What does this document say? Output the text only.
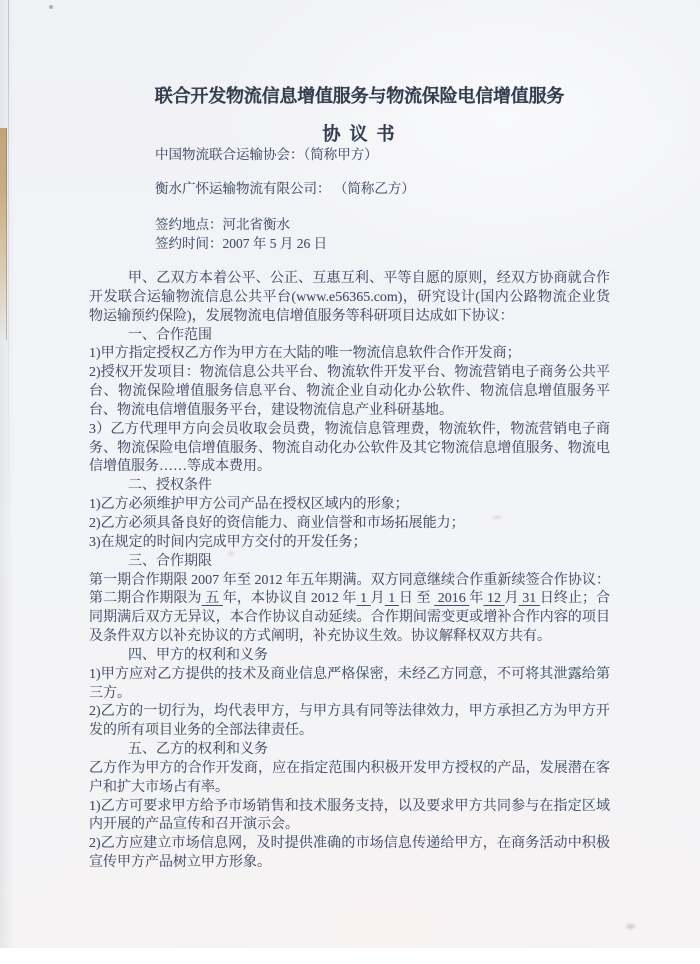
联合开发物流信息增值服务与物流保险电信增值服务
协 议 书
中国物流联合运输协会：（简称甲方）
衡水广怀运输物流有限公司： （简称乙方）
签约地点：河北省衡水
签约时间：2007 年 5 月 26 日

甲、乙双方本着公平、公正、互惠互利、平等自愿的原则，经双方协商就合作开发联合运输物流信息公共平台(www.e56365.com)，研究设计(国内公路物流企业货物运输预约保险)，发展物流电信增值服务等科研项目达成如下协议：

一、合作范围

1)甲方指定授权乙方作为甲方在大陆的唯一物流信息软件合作开发商；

2)授权开发项目：物流信息公共平台、物流软件开发平台、物流营销电子商务公共平台、物流保险增值服务信息平台、物流企业自动化办公软件、物流信息增值服务平台、物流电信增值服务平台，建设物流信息产业科研基地。

3）乙方代理甲方向会员收取会员费，物流信息管理费，物流软件，物流营销电子商务、物流保险电信增值服务、物流自动化办公软件及其它物流信息增值服务、物流电信增值服务……等成本费用。

二、授权条件

1)乙方必须维护甲方公司产品在授权区域内的形象；

2)乙方必须具备良好的资信能力、商业信誉和市场拓展能力；

3)在规定的时间内完成甲方交付的开发任务；

三、合作期限

第一期合作期限 2007 年至 2012 年五年期满。双方同意继续合作重新续签合作协议：第二期合作期限为 五 年，本协议自 2012 年 1 月 1 日 至  2016 年 12 月 31 日终止；合同期满后双方无异议，本合作协议自动延续。合作期间需变更或增补合作内容的项目及条件双方以补充协议的方式阐明，补充协议生效。协议解释权双方共有。

四、甲方的权利和义务

1)甲方应对乙方提供的技术及商业信息严格保密，未经乙方同意，不可将其泄露给第三方。

2)乙方的一切行为，均代表甲方，与甲方具有同等法律效力，甲方承担乙方为甲方开发的所有项目业务的全部法律责任。

五、乙方的权利和义务

乙方作为甲方的合作开发商，应在指定范围内积极开发甲方授权的产品，发展潜在客户和扩大市场占有率。

1)乙方可要求甲方给予市场销售和技术服务支持，以及要求甲方共同参与在指定区域内开展的产品宣传和召开演示会。

2)乙方应建立市场信息网，及时提供准确的市场信息传递给甲方，在商务活动中积极宣传甲方产品树立甲方形象。
